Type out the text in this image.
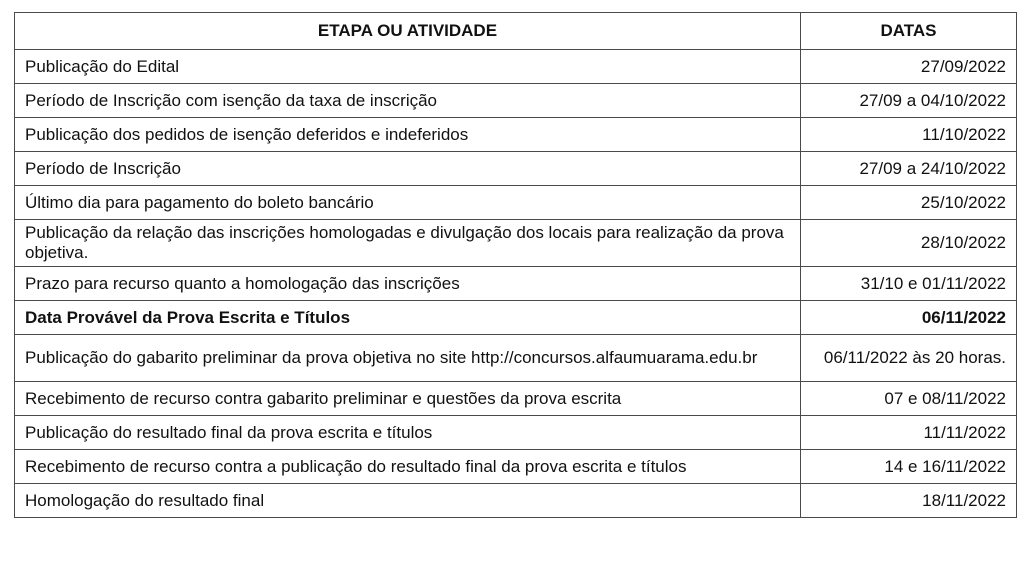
ETAPA OU ATIVIDADE	DATAS
Publicação do Edital	27/09/2022
Período de Inscrição com isenção da taxa de inscrição	27/09 a 04/10/2022
Publicação dos pedidos de isenção deferidos e indeferidos	11/10/2022
Período de Inscrição	27/09 a 24/10/2022
Último dia para pagamento do boleto bancário	25/10/2022
Publicação da relação das inscrições homologadas e divulgação dos locais para realização da prova objetiva.	28/10/2022
Prazo para recurso quanto a homologação das inscrições	31/10 e 01/11/2022
Data Provável da Prova Escrita e Títulos	06/11/2022
Publicação do gabarito preliminar da prova objetiva no site http://concursos.alfaumuarama.edu.br	06/11/2022 às 20 horas.
Recebimento de recurso contra gabarito preliminar e questões da prova escrita	07 e 08/11/2022
Publicação do resultado final da prova escrita e títulos	11/11/2022
Recebimento de recurso contra a publicação do resultado final da prova escrita e títulos	14 e 16/11/2022
Homologação do resultado final	18/11/2022
